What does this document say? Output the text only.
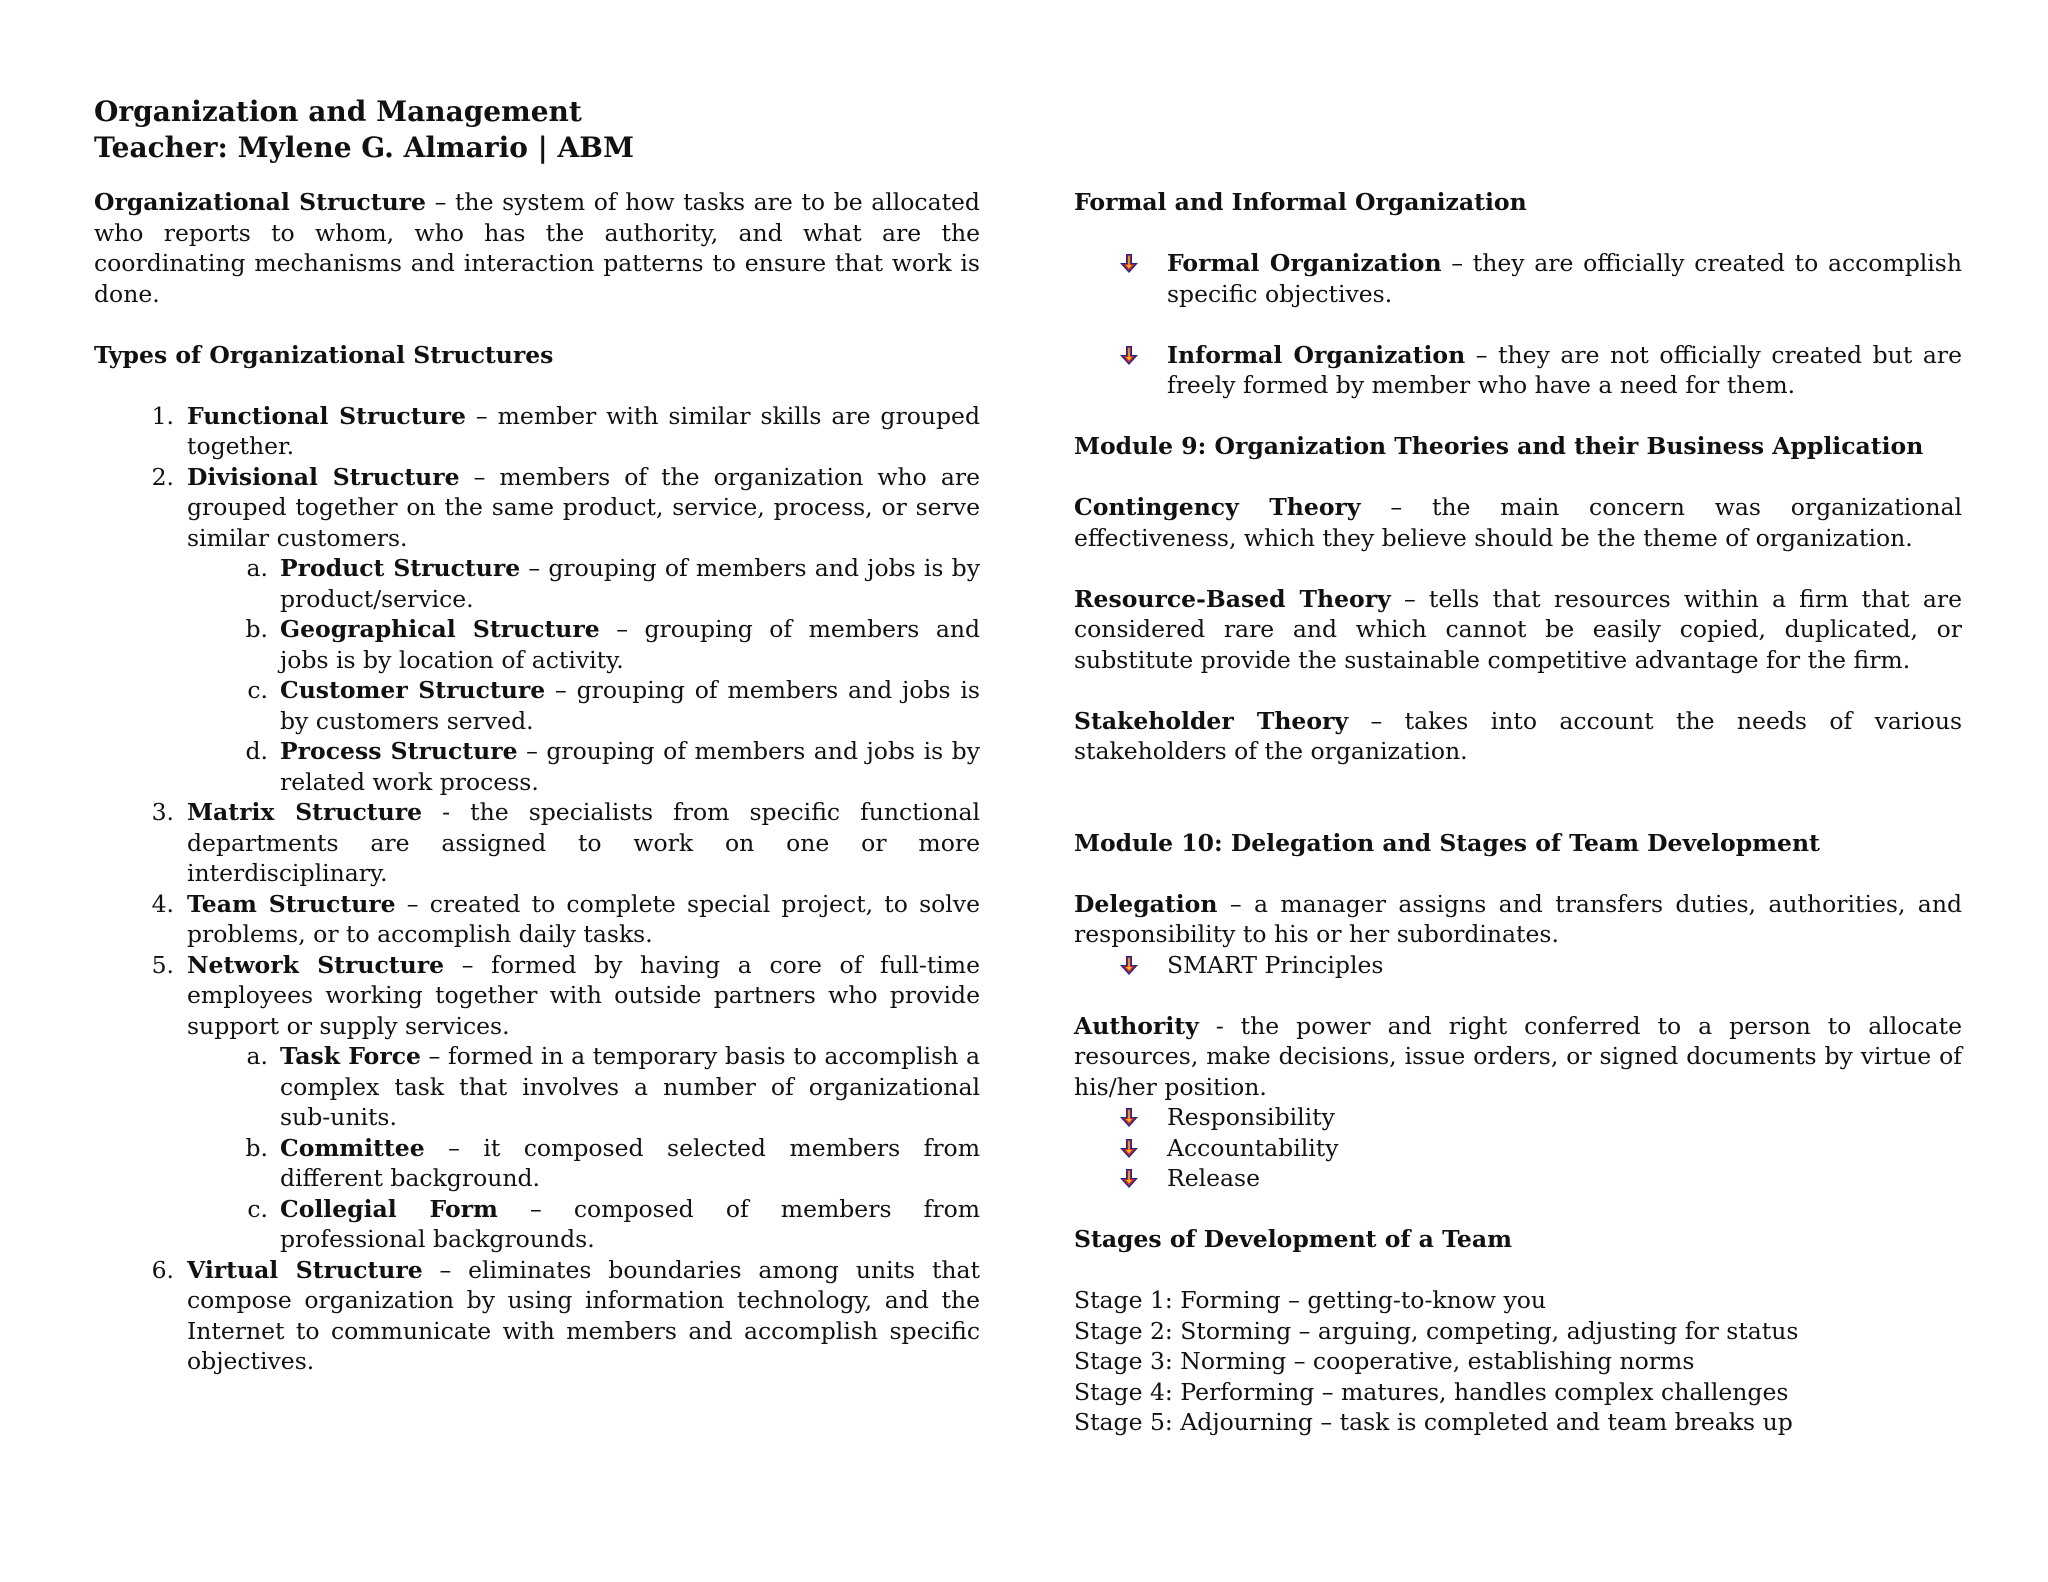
Organization and Management
Teacher: Mylene G. Almario | ABM

Organizational Structure – the system of how tasks are to be allocated who reports to whom, who has the authority, and what are the coordinating mechanisms and interaction patterns to ensure that work is done.

Types of Organizational Structures

1. Functional Structure – member with similar skills are grouped together.
2. Divisional Structure – members of the organization who are grouped together on the same product, service, process, or serve similar customers.
a. Product Structure – grouping of members and jobs is by product/service.
b. Geographical Structure – grouping of members and jobs is by location of activity.
c. Customer Structure – grouping of members and jobs is by customers served.
d. Process Structure – grouping of members and jobs is by related work process.
3. Matrix Structure - the specialists from specific functional departments are assigned to work on one or more interdisciplinary.
4. Team Structure – created to complete special project, to solve problems, or to accomplish daily tasks.
5. Network Structure – formed by having a core of full-time employees working together with outside partners who provide support or supply services.
a. Task Force – formed in a temporary basis to accomplish a complex task that involves a number of organizational sub-units.
b. Committee – it composed selected members from different background.
c. Collegial Form – composed of members from professional backgrounds.
6. Virtual Structure – eliminates boundaries among units that compose organization by using information technology, and the Internet to communicate with members and accomplish specific objectives.

Formal and Informal Organization

Formal Organization – they are officially created to accomplish specific objectives.
Informal Organization – they are not officially created but are freely formed by member who have a need for them.

Module 9: Organization Theories and their Business Application

Contingency Theory – the main concern was organizational effectiveness, which they believe should be the theme of organization.

Resource-Based Theory – tells that resources within a firm that are considered rare and which cannot be easily copied, duplicated, or substitute provide the sustainable competitive advantage for the firm.

Stakeholder Theory – takes into account the needs of various stakeholders of the organization.

Module 10: Delegation and Stages of Team Development

Delegation – a manager assigns and transfers duties, authorities, and responsibility to his or her subordinates.

SMART Principles

Authority - the power and right conferred to a person to allocate resources, make decisions, issue orders, or signed documents by virtue of his/her position.

Responsibility
Accountability
Release

Stages of Development of a Team

Stage 1: Forming – getting-to-know you

Stage 2: Storming – arguing, competing, adjusting for status

Stage 3: Norming – cooperative, establishing norms

Stage 4: Performing – matures, handles complex challenges

Stage 5: Adjourning – task is completed and team breaks up
